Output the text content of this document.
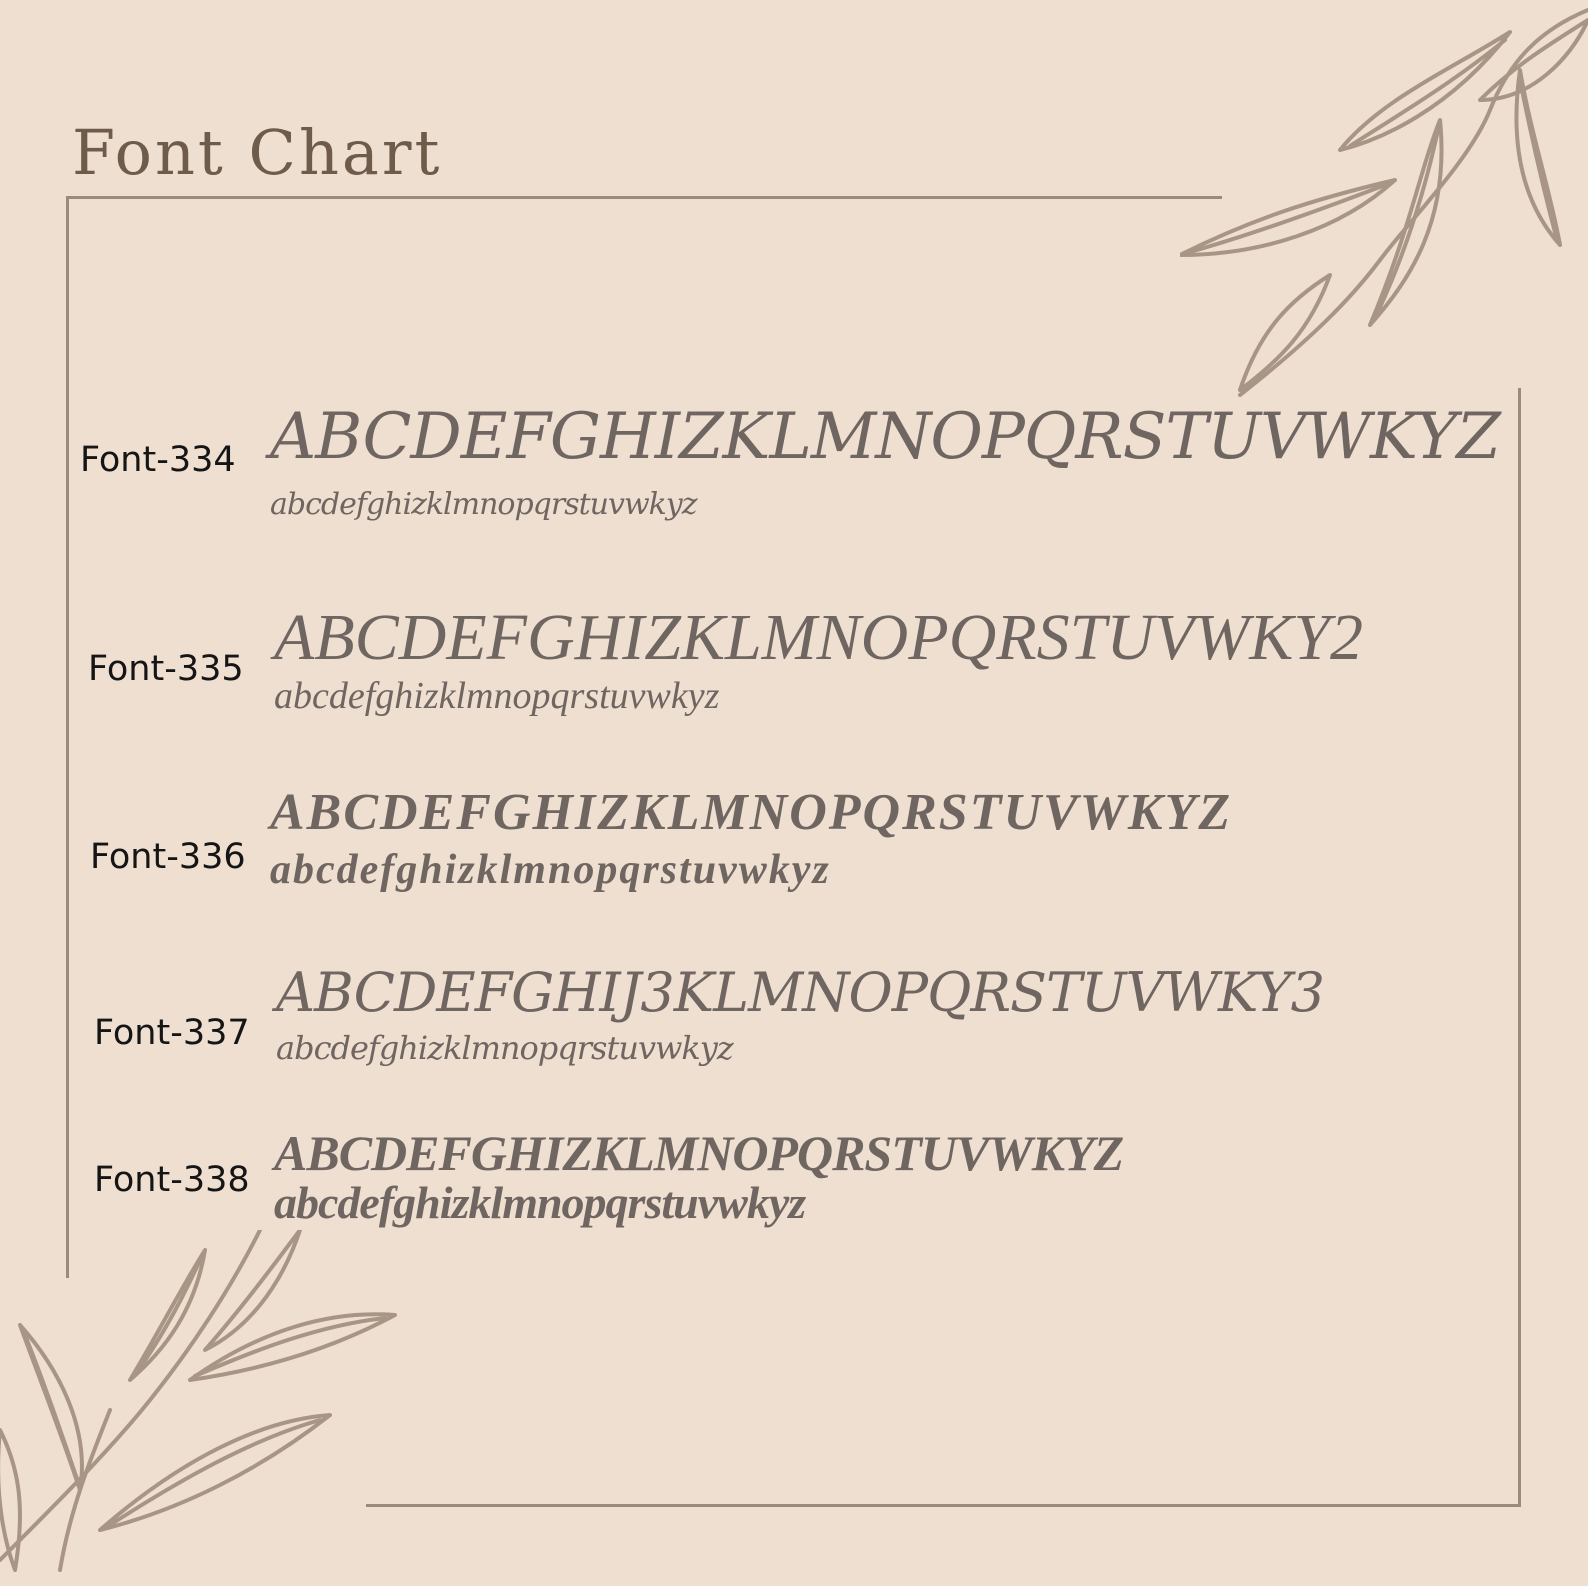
Font Chart
Font-334 ABCDEFGHIZKLMNOPQRSTUVWKYZ
abcdefghizklmnopqrstuvwkyz
Font-335 ABCDEFGHIZKLMNOPQRSTUVWKY2
abcdefghizklmnopqrstuvwkyz
Font-336
ABCDEFGHIZKLMNOPQRSTUVWKYZ
abcdefghizklmnopqrstuvwkyz
Font-337
ABCDEFGHIJ3KLMNOPQRSTUVWKY3
abcdefghizklmnopqrstuvwkyz
Font-338 ABCDEFGHIZKLMNOPQRSTUVWKYZ
abcdefghizklmnopqrstuvwkyz
